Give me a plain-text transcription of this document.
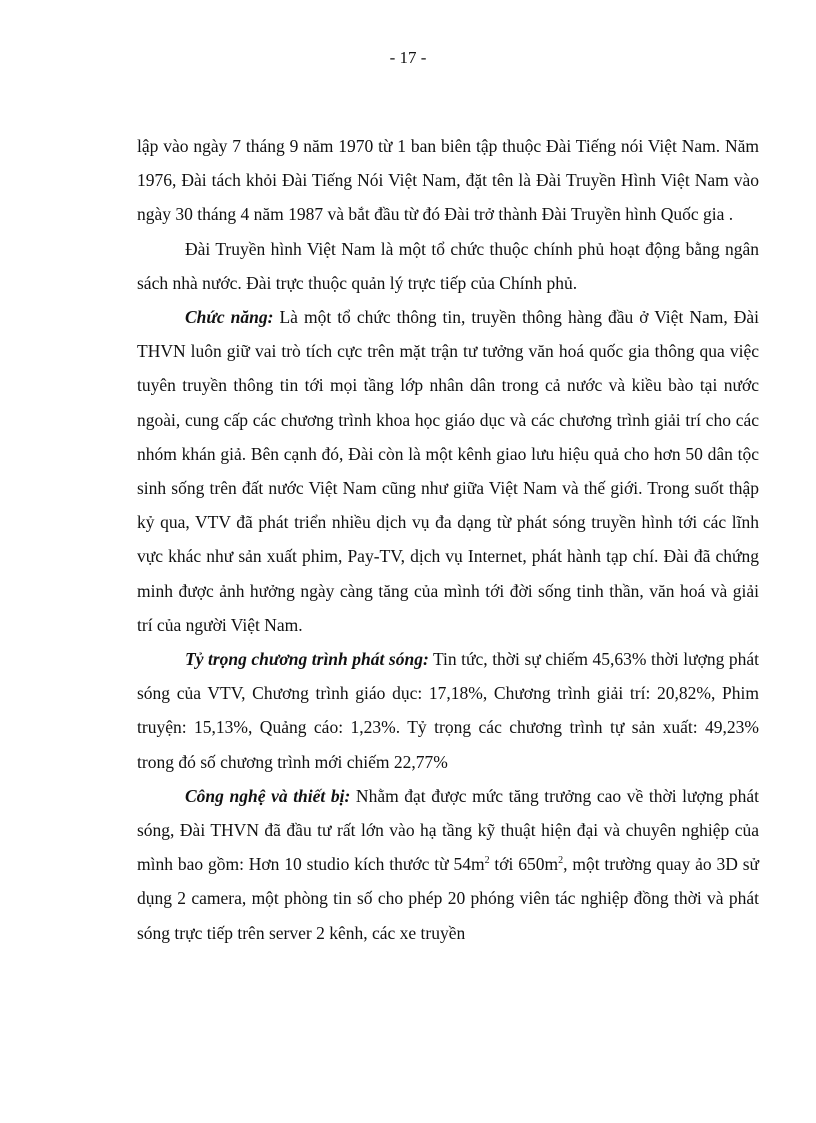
- 17 -

lập vào ngày 7 tháng 9 năm 1970 từ 1 ban biên tập thuộc Đài Tiếng nói Việt Nam. Năm 1976, Đài tách khỏi Đài Tiếng Nói Việt Nam, đặt tên là Đài Truyền Hình Việt Nam vào ngày 30 tháng 4 năm 1987 và bắt đầu từ đó Đài trở thành Đài Truyền hình Quốc gia .

Đài Truyền hình Việt Nam là một tổ chức thuộc chính phủ hoạt động bằng ngân sách nhà nước. Đài trực thuộc quản lý trực tiếp của Chính phủ.

Chức năng: Là một tổ chức thông tin, truyền thông hàng đầu ở Việt Nam, Đài THVN luôn giữ vai trò tích cực trên mặt trận tư tưởng văn hoá quốc gia thông qua việc tuyên truyền thông tin tới mọi tầng lớp nhân dân trong cả nước và kiều bào tại nước ngoài, cung cấp các chương trình khoa học giáo dục và các chương trình giải trí cho các nhóm khán giả. Bên cạnh đó, Đài còn là một kênh giao lưu hiệu quả cho hơn 50 dân tộc sinh sống trên đất nước Việt Nam cũng như giữa Việt Nam và thế giới. Trong suốt thập kỷ qua, VTV đã phát triển nhiều dịch vụ đa dạng từ phát sóng truyền hình tới các lĩnh vực khác như sản xuất phim, Pay-TV, dịch vụ Internet, phát hành tạp chí. Đài đã chứng minh được ảnh hưởng ngày càng tăng của mình tới đời sống tinh thần, văn hoá và giải trí của người Việt Nam.

Tỷ trọng chương trình phát sóng: Tin tức, thời sự chiếm 45,63% thời lượng phát sóng của VTV, Chương trình giáo dục: 17,18%, Chương trình giải trí: 20,82%, Phim truyện: 15,13%, Quảng cáo: 1,23%. Tỷ trọng các chương trình tự sản xuất: 49,23% trong đó số chương trình mới chiếm 22,77%

Công nghệ và thiết bị: Nhằm đạt được mức tăng trưởng cao về thời lượng phát sóng, Đài THVN đã đầu tư rất lớn vào hạ tầng kỹ thuật hiện đại và chuyên nghiệp của mình bao gồm: Hơn 10 studio kích thước từ $54m^2$ tới $650m^2$, một trường quay ảo 3D sử dụng 2 camera, một phòng tin số cho phép 20 phóng viên tác nghiệp đồng thời và phát sóng trực tiếp trên server 2 kênh, các xe truyền
